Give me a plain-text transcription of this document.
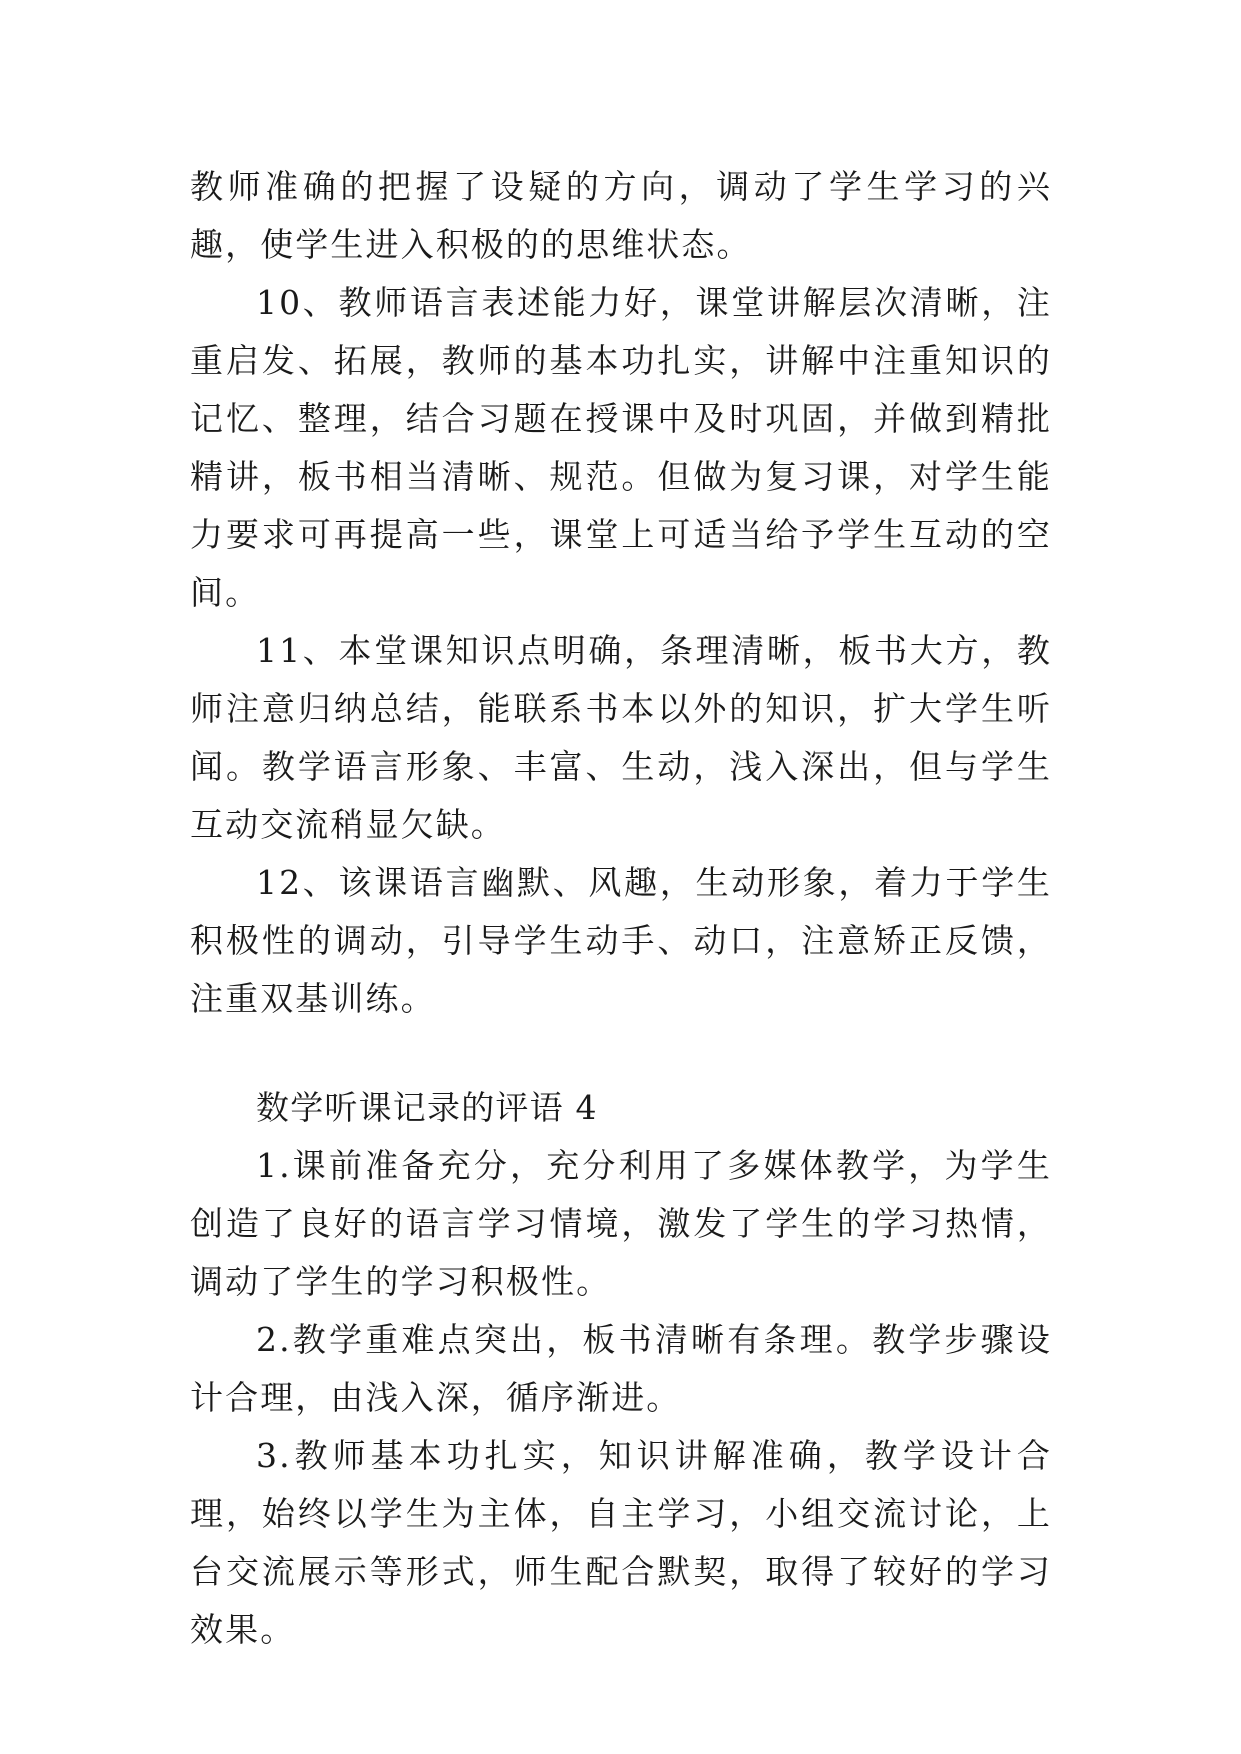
教师准确的把握了设疑的方向，调动了学生学习的兴趣，使学生进入积极的的思维状态。

10、教师语言表述能力好，课堂讲解层次清晰，注重启发、拓展，教师的基本功扎实，讲解中注重知识的记忆、整理，结合习题在授课中及时巩固，并做到精批精讲，板书相当清晰、规范。但做为复习课，对学生能力要求可再提高一些，课堂上可适当给予学生互动的空间。

11、本堂课知识点明确，条理清晰，板书大方，教师注意归纳总结，能联系书本以外的知识，扩大学生听闻。教学语言形象、丰富、生动，浅入深出，但与学生互动交流稍显欠缺。

12、该课语言幽默、风趣，生动形象，着力于学生积极性的调动，引导学生动手、动口，注意矫正反馈，注重双基训练。

数学听课记录的评语 4

1.课前准备充分，充分利用了多媒体教学，为学生创造了良好的语言学习情境，激发了学生的学习热情，调动了学生的学习积极性。

2.教学重难点突出，板书清晰有条理。教学步骤设计合理，由浅入深，循序渐进。

3.教师基本功扎实，知识讲解准确，教学设计合理，始终以学生为主体，自主学习，小组交流讨论，上台交流展示等形式，师生配合默契，取得了较好的学习效果。
